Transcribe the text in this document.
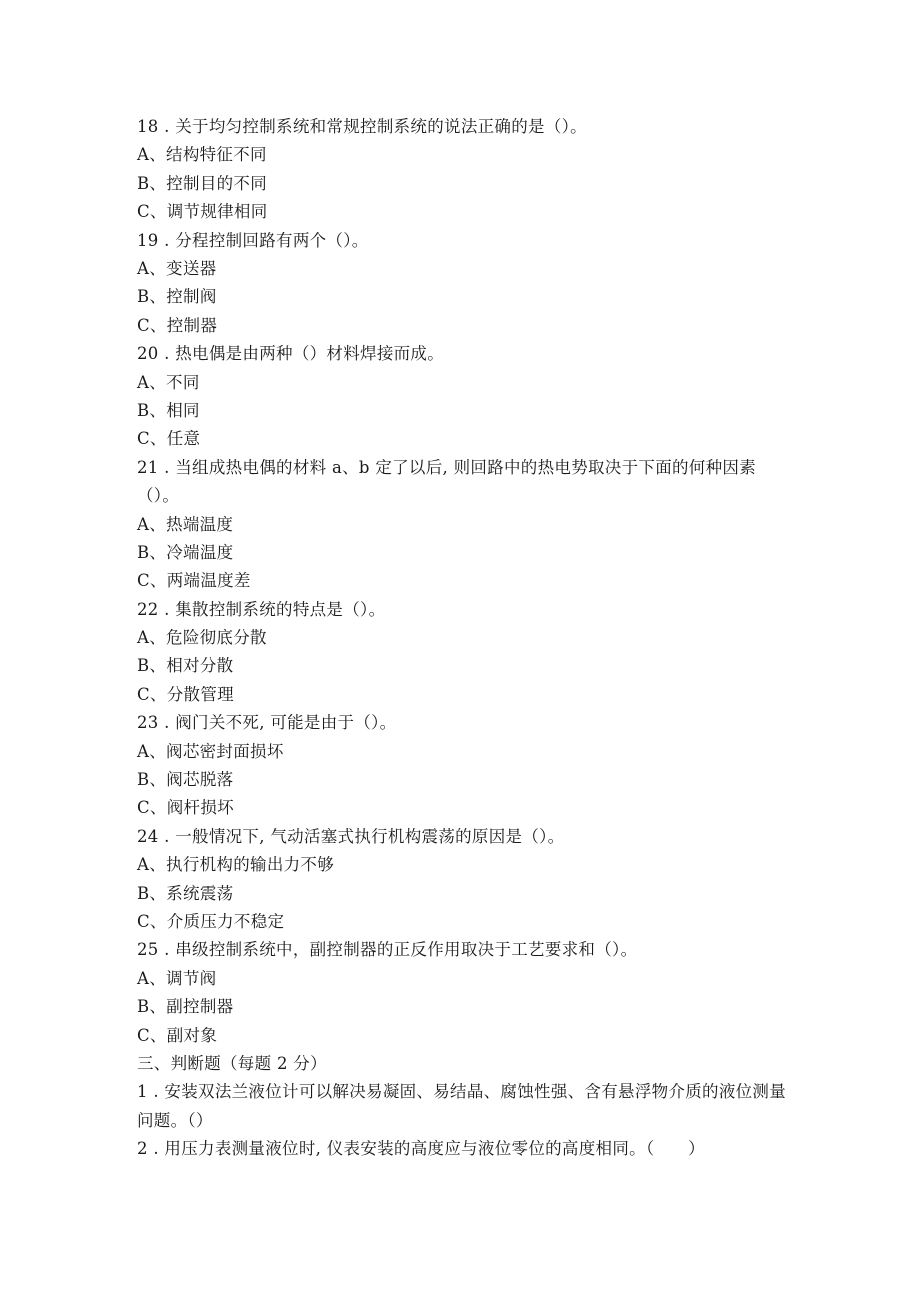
18 . 关于均匀控制系统和常规控制系统的说法正确的是（）。
A、结构特征不同
B、控制目的不同
C、调节规律相同
19 . 分程控制回路有两个（）。
A、变送器
B、控制阀
C、控制器
20 . 热电偶是由两种（）材料焊接而成。
A、不同
B、相同
C、任意
21 . 当组成热电偶的材料 a、b 定了以后, 则回路中的热电势取决于下面的何种因素（）。
A、热端温度
B、冷端温度
C、两端温度差
22 . 集散控制系统的特点是（）。
A、危险彻底分散
B、相对分散
C、分散管理
23 . 阀门关不死, 可能是由于（）。
A、阀芯密封面损坏
B、阀芯脱落
C、阀杆损坏
24 . 一般情况下, 气动活塞式执行机构震荡的原因是（）。
A、执行机构的输出力不够
B、系统震荡
C、介质压力不稳定
25 . 串级控制系统中，副控制器的正反作用取决于工艺要求和（）。
A、调节阀
B、副控制器
C、副对象
三、判断题（每题 2 分）
1 . 安装双法兰液位计可以解决易凝固、易结晶、腐蚀性强、含有悬浮物介质的液位测量问题。（）
2 . 用压力表测量液位时, 仪表安装的高度应与液位零位的高度相同。（　　）
